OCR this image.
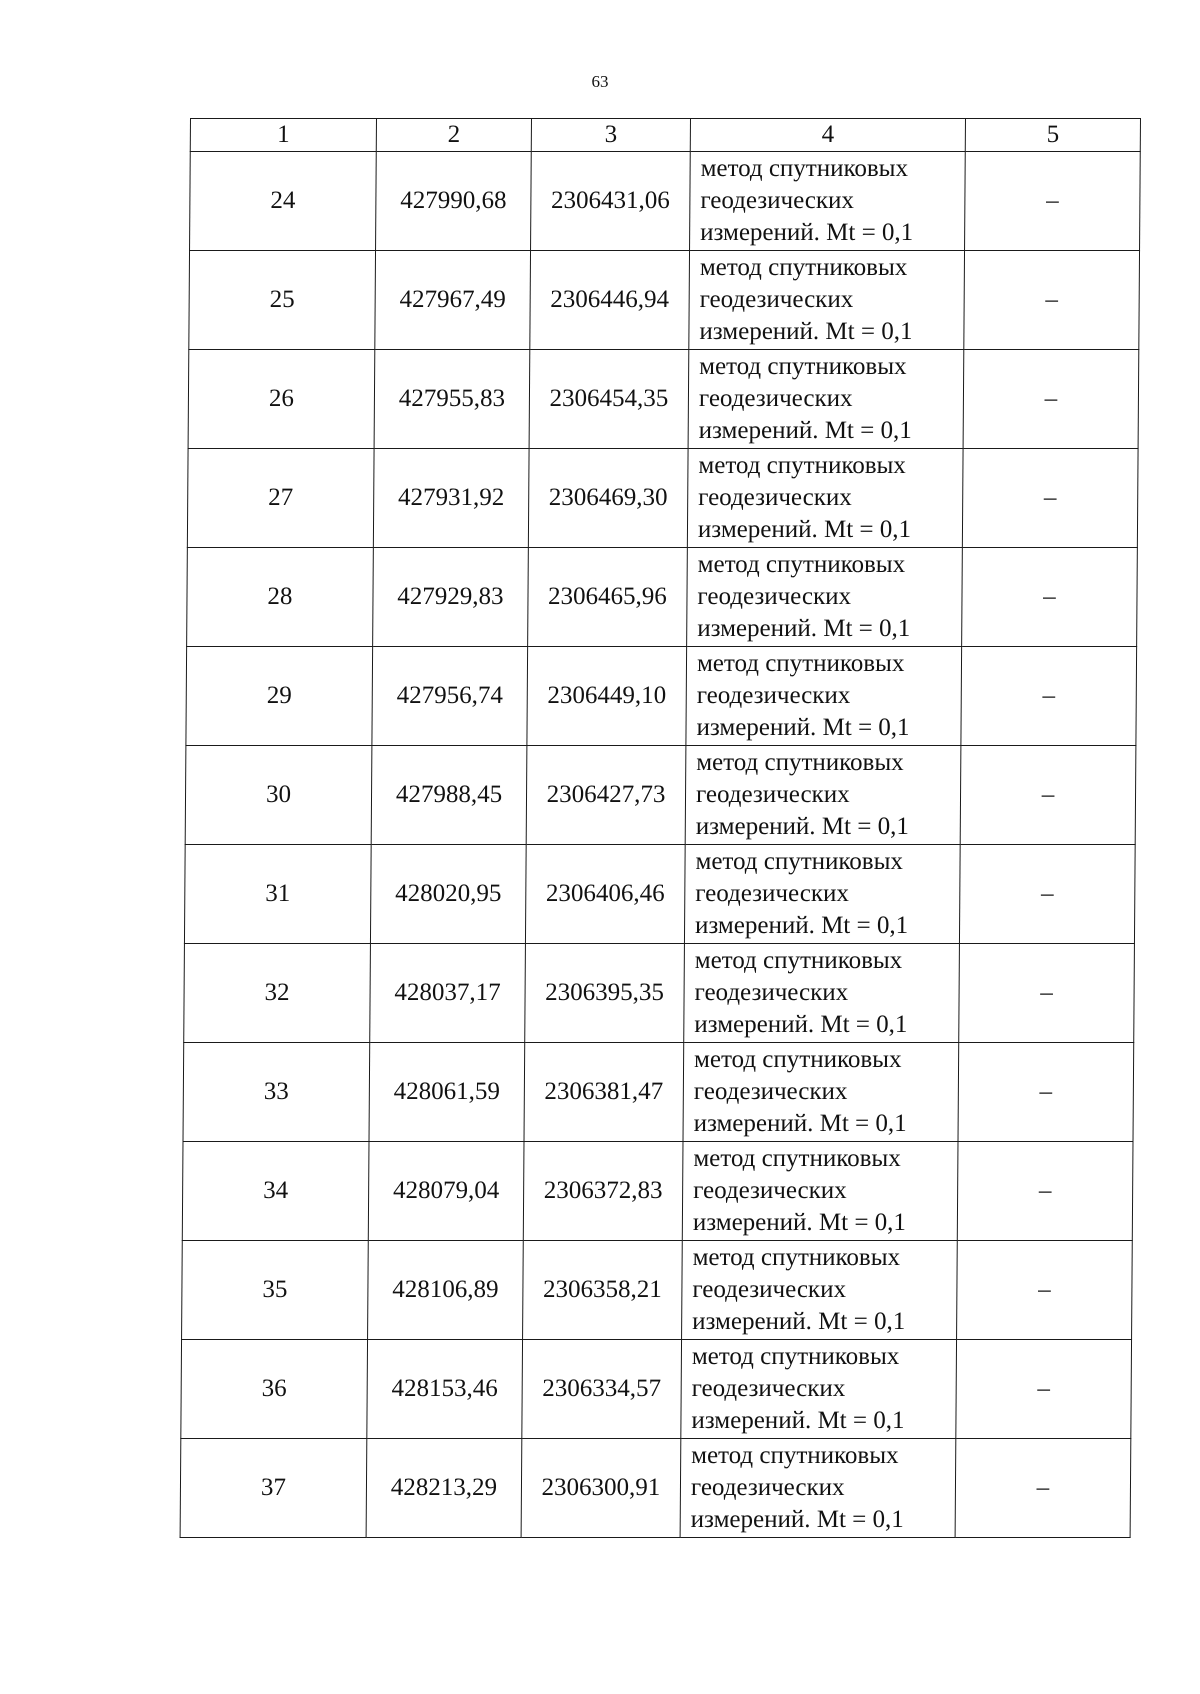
63
1	2	3	4	5
24	427990,68	2306431,06	метод спутниковых
геодезических
измерений. Mt = 0,1	–
25	427967,49	2306446,94	метод спутниковых
геодезических
измерений. Mt = 0,1	–
26	427955,83	2306454,35	метод спутниковых
геодезических
измерений. Mt = 0,1	–
27	427931,92	2306469,30	метод спутниковых
геодезических
измерений. Mt = 0,1	–
28	427929,83	2306465,96	метод спутниковых
геодезических
измерений. Mt = 0,1	–
29	427956,74	2306449,10	метод спутниковых
геодезических
измерений. Mt = 0,1	–
30	427988,45	2306427,73	метод спутниковых
геодезических
измерений. Mt = 0,1	–
31	428020,95	2306406,46	метод спутниковых
геодезических
измерений. Mt = 0,1	–
32	428037,17	2306395,35	метод спутниковых
геодезических
измерений. Mt = 0,1	–
33	428061,59	2306381,47	метод спутниковых
геодезических
измерений. Mt = 0,1	–
34	428079,04	2306372,83	метод спутниковых
геодезических
измерений. Mt = 0,1	–
35	428106,89	2306358,21	метод спутниковых
геодезических
измерений. Mt = 0,1	–
36	428153,46	2306334,57	метод спутниковых
геодезических
измерений. Mt = 0,1	–
37	428213,29	2306300,91	метод спутниковых
геодезических
измерений. Mt = 0,1	–
